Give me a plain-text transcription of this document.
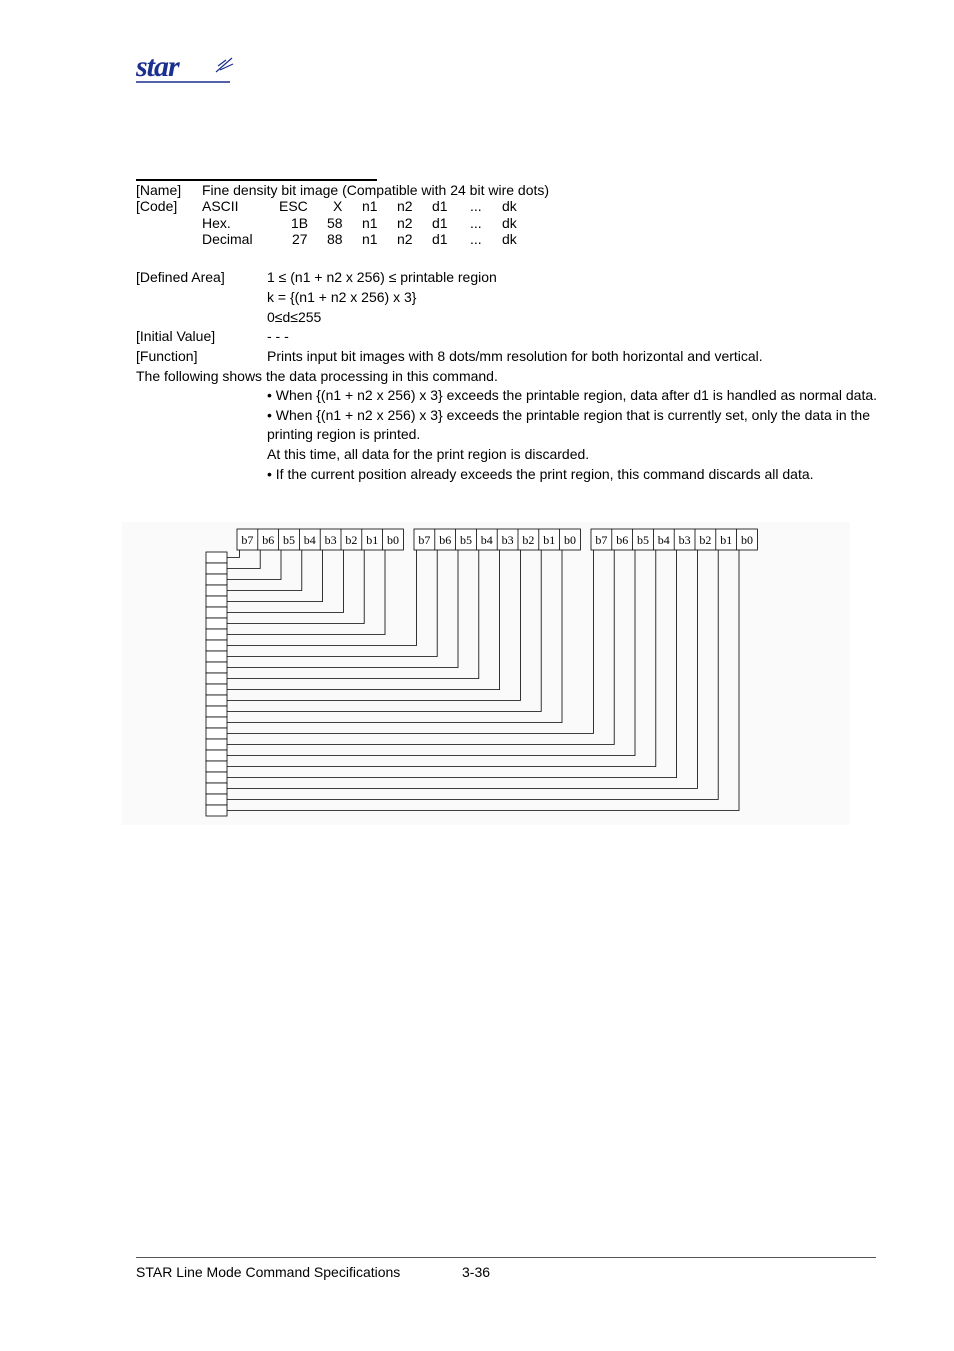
star
[Name] Fine density bit image (Compatible with 24 bit wire dots)
[Code] ASCII	ESC X n1 n2 d1 ... dk
Hex.	1B 58 n1 n2 d1 ... dk
Decimal	27 88 n1 n2 d1 ... dk
[Defined Area]	1 ≤ (n1 + n2 x 256) ≤ printable region
k = {(n1 + n2 x 256) x 3}
0≤d≤255
[Initial Value]	- - -
[Function]	Prints input bit images with 8 dots/mm resolution for both horizontal and vertical.
The following shows the data processing in this command.
• When {(n1 + n2 x 256) x 3} exceeds the printable region, data after d1 is handled as normal data.
• When {(n1 + n2 x 256) x 3} exceeds the printable region that is currently set, only the data in the
printing region is printed.
At this time, all data for the print region is discarded.
• If the current position already exceeds the print region, this command discards all data.
b7 b6 b5 b4 b3 b2 b1 b0 b7 b6 b5 b4 b3 b2 b1 b0 b7 b6 b5 b4 b3 b2 b1 b0
STAR Line Mode Command Specifications	3-36
